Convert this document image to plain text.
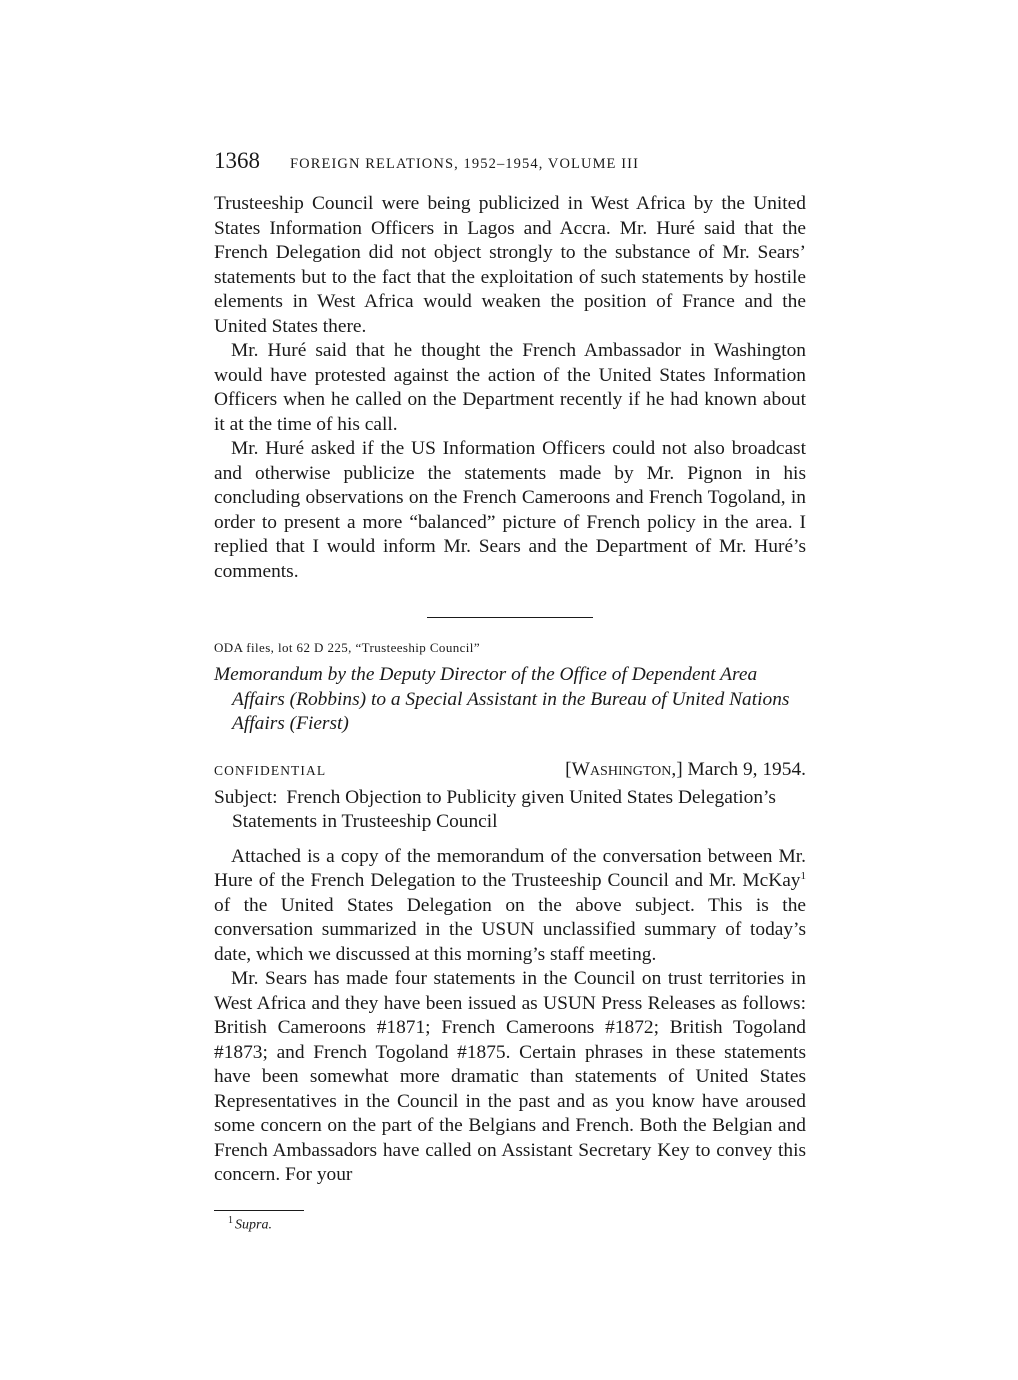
1368	FOREIGN RELATIONS, 1952–1954, VOLUME III

Trusteeship Council were being publicized in West Africa by the United States Information Officers in Lagos and Accra. Mr. Huré said that the French Delegation did not object strongly to the substance of Mr. Sears’ statements but to the fact that the exploitation of such statements by hostile elements in West Africa would weaken the position of France and the United States there.

Mr. Huré said that he thought the French Ambassador in Washington would have protested against the action of the United States Information Officers when he called on the Department recently if he had known about it at the time of his call.

Mr. Huré asked if the US Information Officers could not also broadcast and otherwise publicize the statements made by Mr. Pignon in his concluding observations on the French Cameroons and French Togoland, in order to present a more “balanced” picture of French policy in the area. I replied that I would inform Mr. Sears and the Department of Mr. Huré’s comments.

ODA files, lot 62 D 225, “Trusteeship Council”
Memorandum by the Deputy Director of the Office of Dependent Area Affairs (Robbins) to a Special Assistant in the Bureau of United Nations Affairs (Fierst)
CONFIDENTIAL	[Washington,] March 9, 1954.
Subject: French Objection to Publicity given United States Delegation’s Statements in Trusteeship Council

Attached is a copy of the memorandum of the conversation between Mr. Hure of the French Delegation to the Trusteeship Council and Mr. McKay$^1$ of the United States Delegation on the above subject. This is the conversation summarized in the USUN unclassified summary of today’s date, which we discussed at this morning’s staff meeting.

Mr. Sears has made four statements in the Council on trust territories in West Africa and they have been issued as USUN Press Releases as follows: British Cameroons #1871; French Cameroons #1872; British Togoland #1873; and French Togoland #1875. Certain phrases in these statements have been somewhat more dramatic than statements of United States Representatives in the Council in the past and as you know have aroused some concern on the part of the Belgians and French. Both the Belgian and French Ambassadors have called on Assistant Secretary Key to convey this concern. For your

$^1$ Supra.
